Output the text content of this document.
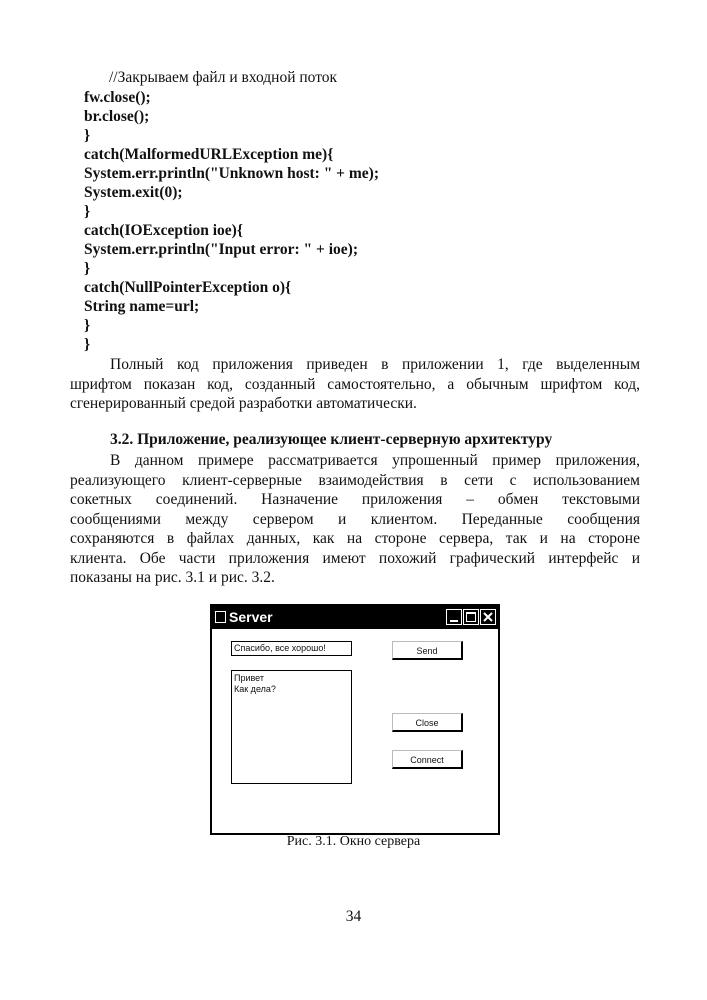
//Закрываем файл и входной поток
fw.close();
br.close();
}
catch(MalformedURLException me){
System.err.println("Unknown host: " + me);
System.exit(0);
}
catch(IOException ioe){
System.err.println("Input error: " + ioe);
}
catch(NullPointerException o){
String name=url;
}
}
Полный код приложения приведен в приложении 1, где выделенным
шрифтом показан код, созданный самостоятельно, а обычным шрифтом код,
сгенерированный средой разработки автоматически.
3.2. Приложение, реализующее клиент-серверную архитектуру
В данном примере рассматривается упрошенный пример приложения,
реализующего клиент-серверные взаимодействия в сети с использованием
сокетных соединений. Назначение приложения – обмен текстовыми
сообщениями между сервером и клиентом. Переданные сообщения
сохраняются в файлах данных, как на стороне сервера, так и на стороне
клиента. Обе части приложения имеют похожий графический интерфейс и
показаны на рис. 3.1 и рис. 3.2.
Server
Спасибо, все хорошо!
Привет
Как дела?
Send
Close
Connect
Рис. 3.1. Окно сервера
34
